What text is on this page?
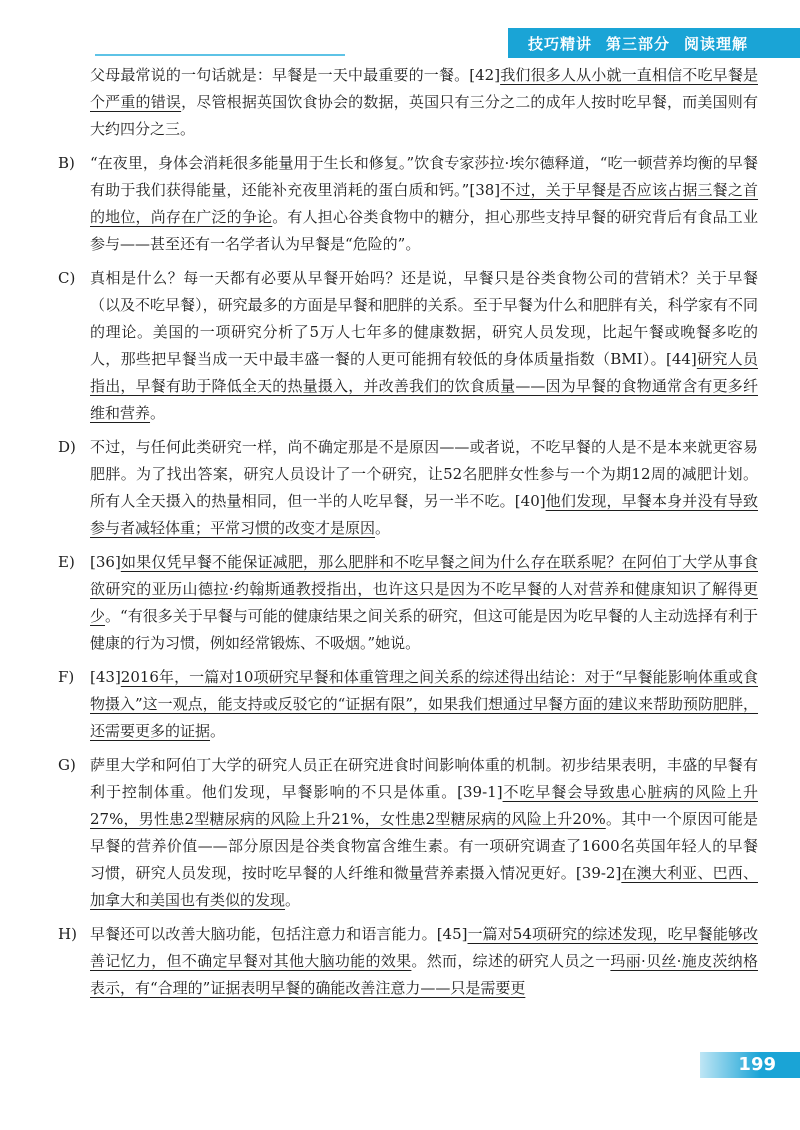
技巧精讲 第三部分 阅读理解

父母最常说的一句话就是：早餐是一天中最重要的一餐。[42]我们很多人从小就一直相信不吃早餐是个严重的错误，尽管根据英国饮食协会的数据，英国只有三分之二的成年人按时吃早餐，而美国则有大约四分之三。

B) “在夜里，身体会消耗很多能量用于生长和修复。”饮食专家莎拉·埃尔德释道，“吃一顿营养均衡的早餐有助于我们获得能量，还能补充夜里消耗的蛋白质和钙。”[38]不过，关于早餐是否应该占据三餐之首的地位，尚存在广泛的争论。有人担心谷类食物中的糖分，担心那些支持早餐的研究背后有食品工业参与——甚至还有一名学者认为早餐是“危险的”。

C) 真相是什么？每一天都有必要从早餐开始吗？还是说，早餐只是谷类食物公司的营销术？关于早餐（以及不吃早餐），研究最多的方面是早餐和肥胖的关系。至于早餐为什么和肥胖有关，科学家有不同的理论。美国的一项研究分析了5万人七年多的健康数据，研究人员发现，比起午餐或晚餐多吃的人，那些把早餐当成一天中最丰盛一餐的人更可能拥有较低的身体质量指数（BMI）。[44]研究人员指出，早餐有助于降低全天的热量摄入，并改善我们的饮食质量——因为早餐的食物通常含有更多纤维和营养。

D) 不过，与任何此类研究一样，尚不确定那是不是原因——或者说，不吃早餐的人是不是本来就更容易肥胖。为了找出答案，研究人员设计了一个研究，让52名肥胖女性参与一个为期12周的减肥计划。所有人全天摄入的热量相同，但一半的人吃早餐，另一半不吃。[40]他们发现，早餐本身并没有导致参与者减轻体重；平常习惯的改变才是原因。

E) [36]如果仅凭早餐不能保证减肥，那么肥胖和不吃早餐之间为什么存在联系呢？在阿伯丁大学从事食欲研究的亚历山德拉·约翰斯通教授指出，也许这只是因为不吃早餐的人对营养和健康知识了解得更少。“有很多关于早餐与可能的健康结果之间关系的研究，但这可能是因为吃早餐的人主动选择有利于健康的行为习惯，例如经常锻炼、不吸烟。”她说。

F) [43]2016年，一篇对10项研究早餐和体重管理之间关系的综述得出结论：对于“早餐能影响体重或食物摄入”这一观点，能支持或反驳它的“证据有限”，如果我们想通过早餐方面的建议来帮助预防肥胖，还需要更多的证据。

G) 萨里大学和阿伯丁大学的研究人员正在研究进食时间影响体重的机制。初步结果表明，丰盛的早餐有利于控制体重。他们发现，早餐影响的不只是体重。[39-1]不吃早餐会导致患心脏病的风险上升27%，男性患2型糖尿病的风险上升21%，女性患2型糖尿病的风险上升20%。其中一个原因可能是早餐的营养价值——部分原因是谷类食物富含维生素。有一项研究调查了1600名英国年轻人的早餐习惯，研究人员发现，按时吃早餐的人纤维和微量营养素摄入情况更好。[39-2]在澳大利亚、巴西、加拿大和美国也有类似的发现。

H) 早餐还可以改善大脑功能，包括注意力和语言能力。[45]一篇对54项研究的综述发现，吃早餐能够改善记忆力，但不确定早餐对其他大脑功能的效果。然而，综述的研究人员之一玛丽·贝丝·施皮茨纳格表示，有“合理的”证据表明早餐的确能改善注意力——只是需要更

199
